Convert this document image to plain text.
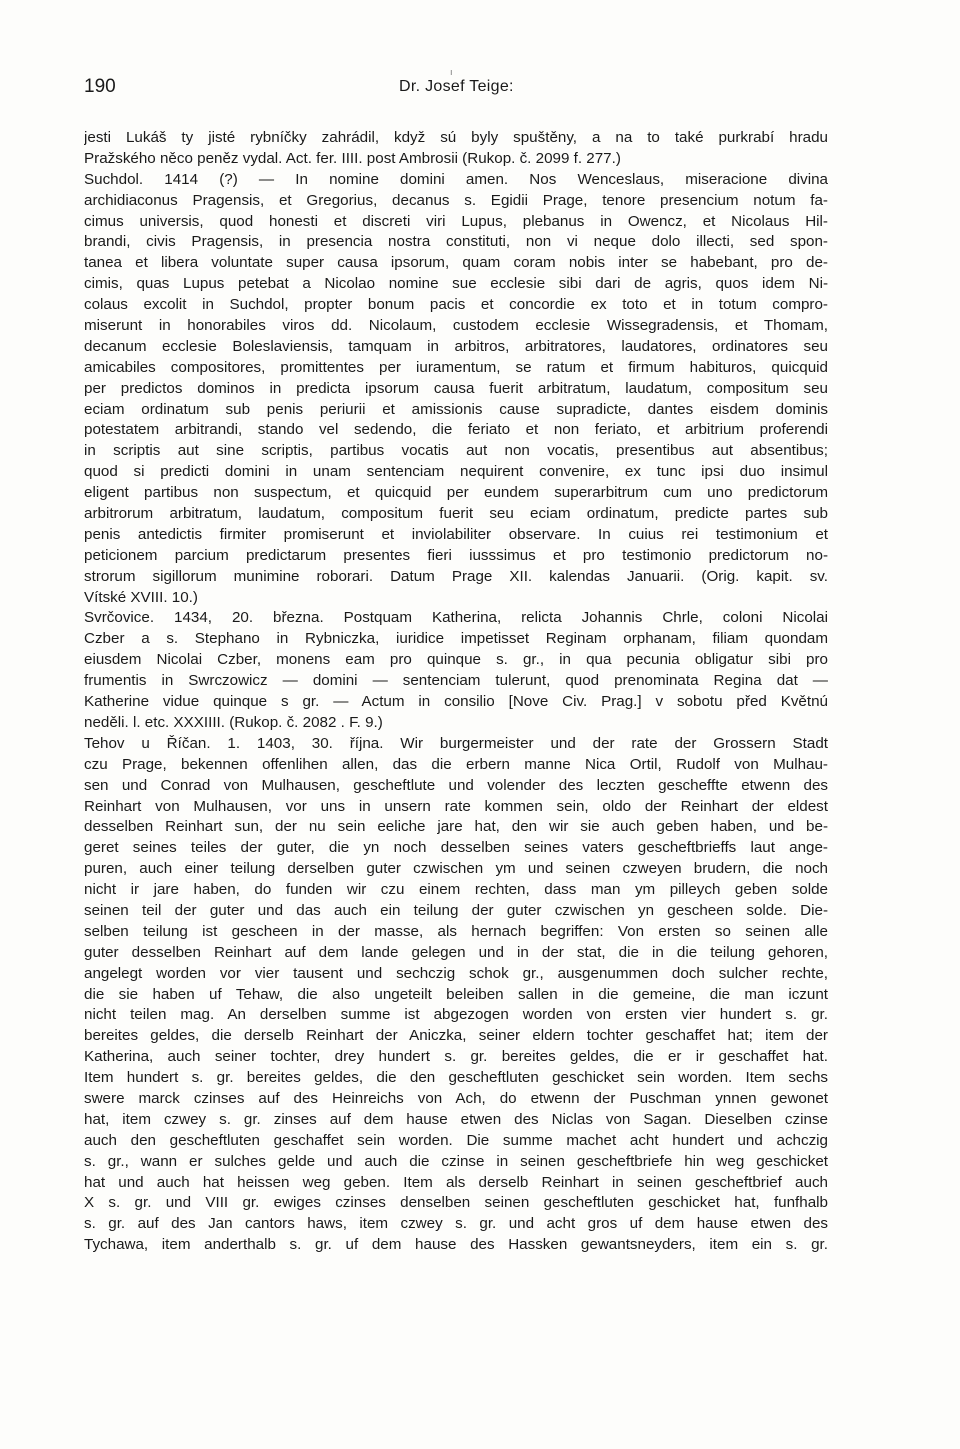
190	Dr. Josef Teige:
jesti Lukáš ty jisté rybníčky zahrádil, když sú byly spuštěny, a na to také purkrabí hradu
Pražského něco peněz vydal. Act. fer. IIII. post Ambrosii (Rukop. č. 2099 f. 277.)
Suchdol. 1414 (?) — In nomine domini amen. Nos Wenceslaus, miseracione divina
archidiaconus Pragensis, et Gregorius, decanus s. Egidii Prage, tenore presencium notum fa-
cimus universis, quod honesti et discreti viri Lupus, plebanus in Owencz, et Nicolaus Hil-
brandi, civis Pragensis, in presencia nostra constituti, non vi neque dolo illecti, sed spon-
tanea et libera voluntate super causa ipsorum, quam coram nobis inter se habebant, pro de-
cimis, quas Lupus petebat a Nicolao nomine sue ecclesie sibi dari de agris, quos idem Ni-
colaus excolit in Suchdol, propter bonum pacis et concordie ex toto et in totum compro-
miserunt in honorabiles viros dd. Nicolaum, custodem ecclesie Wissegradensis, et Thomam,
decanum ecclesie Boleslaviensis, tamquam in arbitros, arbitratores, laudatores, ordinatores seu
amicabiles compositores, promittentes per iuramentum, se ratum et firmum habituros, quicquid
per predictos dominos in predicta ipsorum causa fuerit arbitratum, laudatum, compositum seu
eciam ordinatum sub penis periurii et amissionis cause supradicte, dantes eisdem dominis
potestatem arbitrandi, stando vel sedendo, die feriato et non feriato, et arbitrium proferendi
in scriptis aut sine scriptis, partibus vocatis aut non vocatis, presentibus aut absentibus;
quod si predicti domini in unam sentenciam nequirent convenire, ex tunc ipsi duo insimul
eligent partibus non suspectum, et quicquid per eundem superarbitrum cum uno predictorum
arbitrorum arbitratum, laudatum, compositum fuerit seu eciam ordinatum, predicte partes sub
penis antedictis firmiter promiserunt et inviolabiliter observare. In cuius rei testimonium et
peticionem parcium predictarum presentes fieri iusssimus et pro testimonio predictorum no-
strorum sigillorum munimine roborari. Datum Prage XII. kalendas Januarii. (Orig. kapit. sv.
Vítské XVIII. 10.)
Svrčovice. 1434, 20. března. Postquam Katherina, relicta Johannis Chrle, coloni Nicolai
Czber a s. Stephano in Rybniczka, iuridice impetisset Reginam orphanam, filiam quondam
eiusdem Nicolai Czber, monens eam pro quinque s. gr., in qua pecunia obligatur sibi pro
frumentis in Swrczowicz — domini — sentenciam tulerunt, quod prenominata Regina dat —
Katherine vidue quinque s gr. — Actum in consilio [Nove Civ. Prag.] v sobotu před Květnú
neděli. l. etc. XXXIIII. (Rukop. č. 2082 . F. 9.)
Tehov u Říčan. 1. 1403, 30. října. Wir burgermeister und der rate der Grossern Stadt
czu Prage, bekennen offenlihen allen, das die erbern manne Nica Ortil, Rudolf von Mulhau-
sen und Conrad von Mulhausen, gescheftlute und volender des leczten gescheffte etwenn des
Reinhart von Mulhausen, vor uns in unsern rate kommen sein, oldo der Reinhart der eldest
desselben Reinhart sun, der nu sein eeliche jare hat, den wir sie auch geben haben, und be-
geret seines teiles der guter, die yn noch desselben seines vaters gescheftbrieffs laut ange-
puren, auch einer teilung derselben guter czwischen ym und seinen czweyen brudern, die noch
nicht ir jare haben, do funden wir czu einem rechten, dass man ym pilleych geben solde
seinen teil der guter und das auch ein teilung der guter czwischen yn gescheen solde. Die-
selben teilung ist gescheen in der masse, als hernach begriffen: Von ersten so seinen alle
guter desselben Reinhart auf dem lande gelegen und in der stat, die in die teilung gehoren,
angelegt worden vor vier tausent und sechczig schok gr., ausgenummen doch sulcher rechte,
die sie haben uf Tehaw, die also ungeteilt beleiben sallen in die gemeine, die man iczunt
nicht teilen mag. An derselben summe ist abgezogen worden von ersten vier hundert s. gr.
bereites geldes, die derselb Reinhart der Aniczka, seiner eldern tochter geschaffet hat; item der
Katherina, auch seiner tochter, drey hundert s. gr. bereites geldes, die er ir geschaffet hat.
Item hundert s. gr. bereites geldes, die den gescheftluten geschicket sein worden. Item sechs
swere marck czinses auf des Heinreichs von Ach, do etwenn der Puschman ynnen gewonet
hat, item czwey s. gr. zinses auf dem hause etwen des Niclas von Sagan. Dieselben czinse
auch den gescheftluten geschaffet sein worden. Die summe machet acht hundert und achczig
s. gr., wann er sulches gelde und auch die czinse in seinen gescheftbriefe hin weg geschicket
hat und auch hat heissen weg geben. Item als derselb Reinhart in seinen gescheftbrief auch
X s. gr. und VIII gr. ewiges czinses denselben seinen gescheftluten geschicket hat, funfhalb
s. gr. auf des Jan cantors haws, item czwey s. gr. und acht gros uf dem hause etwen des
Tychawa, item anderthalb s. gr. uf dem hause des Hassken gewantsneyders, item ein s. gr.
ı
